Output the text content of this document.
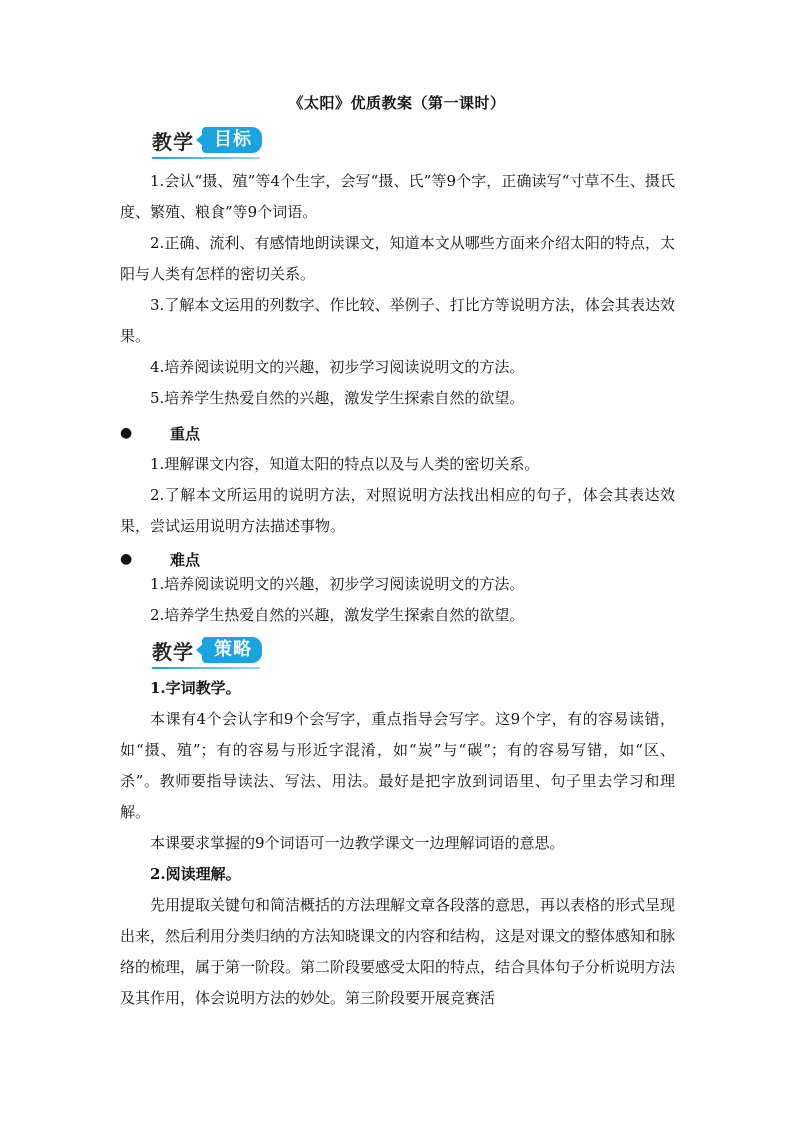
《太阳》优质教案（第一课时）
教学	目标

1.会认“摄、殖”等4个生字，会写“摄、氏”等9个字，正确读写“寸草不生、摄氏度、繁殖、粮食”等9个词语。

2.正确、流利、有感情地朗读课文，知道本文从哪些方面来介绍太阳的特点，太阳与人类有怎样的密切关系。

3.了解本文运用的列数字、作比较、举例子、打比方等说明方法，体会其表达效果。

4.培养阅读说明文的兴趣，初步学习阅读说明文的方法。

5.培养学生热爱自然的兴趣，激发学生探索自然的欲望。

●	重点

1.理解课文内容，知道太阳的特点以及与人类的密切关系。

2.了解本文所运用的说明方法，对照说明方法找出相应的句子，体会其表达效果，尝试运用说明方法描述事物。

●	难点

1.培养阅读说明文的兴趣，初步学习阅读说明文的方法。

2.培养学生热爱自然的兴趣，激发学生探索自然的欲望。

教学	策略

1.字词教学。

本课有4个会认字和9个会写字，重点指导会写字。这9个字，有的容易读错，如“摄、殖”；有的容易与形近字混淆，如“炭”与“碳”；有的容易写错，如“区、杀”。教师要指导读法、写法、用法。最好是把字放到词语里、句子里去学习和理解。

本课要求掌握的9个词语可一边教学课文一边理解词语的意思。

2.阅读理解。

先用提取关键句和简洁概括的方法理解文章各段落的意思，再以表格的形式呈现出来，然后利用分类归纳的方法知晓课文的内容和结构，这是对课文的整体感知和脉络的梳理，属于第一阶段。第二阶段要感受太阳的特点，结合具体句子分析说明方法及其作用，体会说明方法的妙处。第三阶段要开展竞赛活
